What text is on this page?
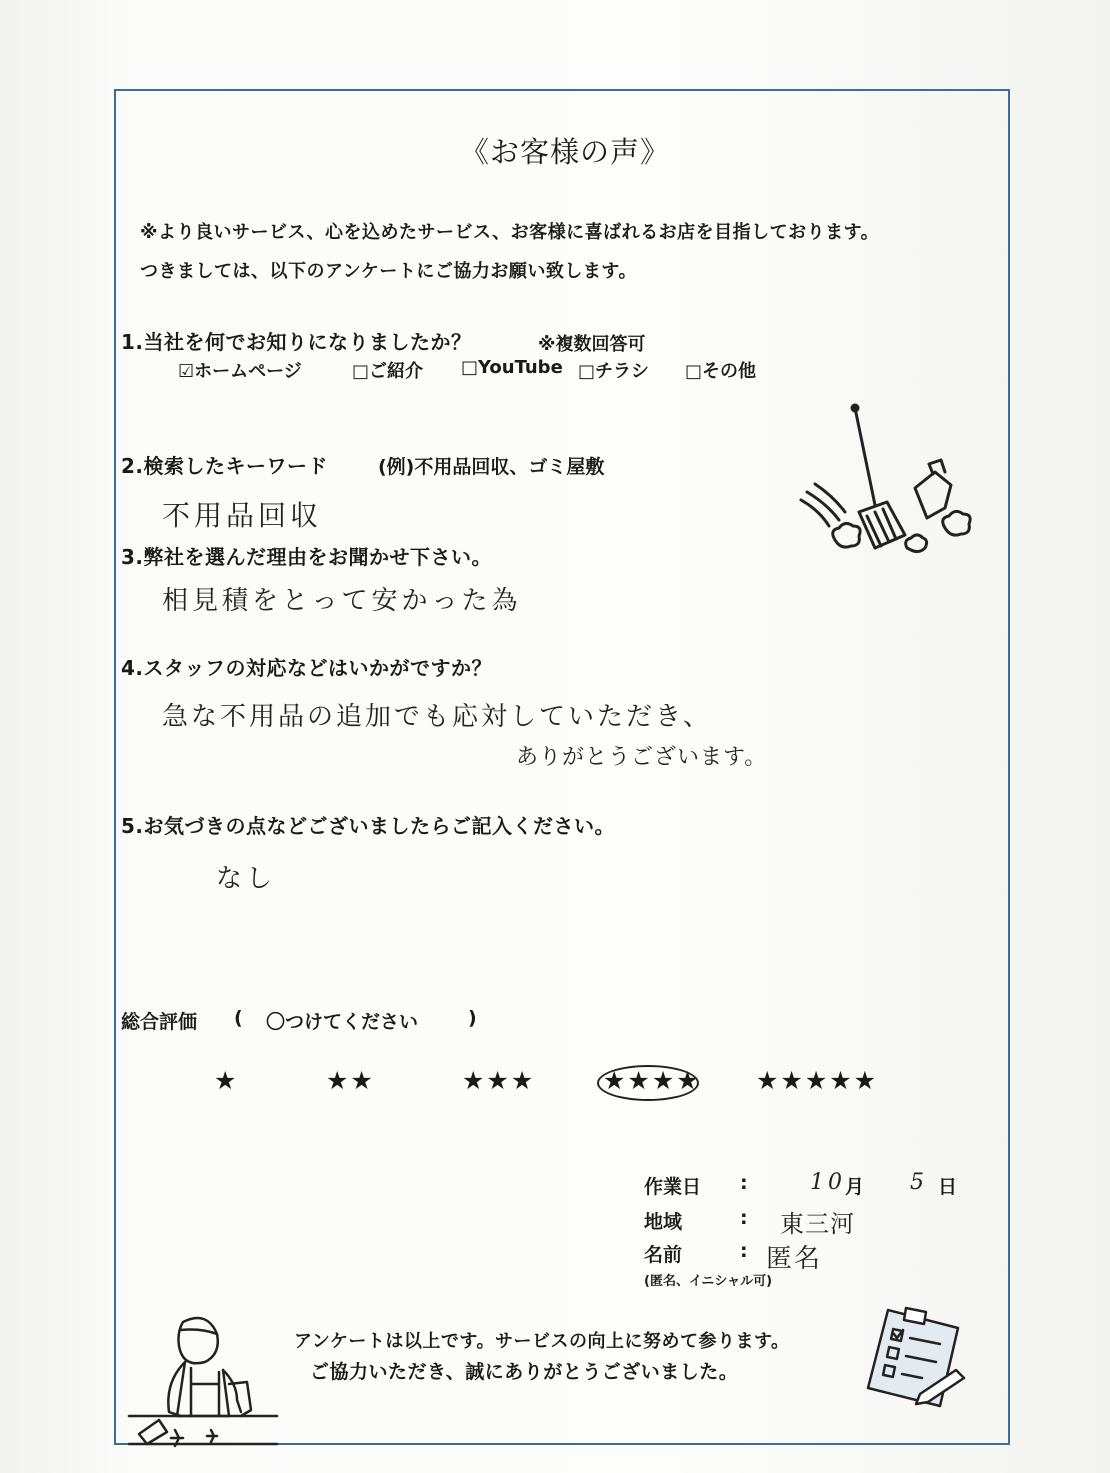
《お客様の声》
※より良いサービス、心を込めたサービス、お客様に喜ばれるお店を目指しております。
つきましては、以下のアンケートにご協力お願い致します。
1.当社を何でお知りになりましたか？	※複数回答可
☑ホームページ	□ご紹介 □YouTube □チラシ □その他
2.検索したキーワード	(例)不用品回収、ゴミ屋敷
不用品回収
3.弊社を選んだ理由をお聞かせ下さい。
相見積をとって安かった為
4.スタッフの対応などはいかがですか？
急な不用品の追加でも応対していただき、
ありがとうございます。
5.お気づきの点などございましたらご記入ください。
なし
総合評価 ( 〇つけてください	)
★	★★	★★★	★★★★ ★★★★★
作業日 :	10 月 5 日
地域	: 東三河
名前	: 匿名
(匿名、イニシャル可)
アンケートは以上です。サービスの向上に努めて参ります。
ご協力いただき、誠にありがとうございました。
